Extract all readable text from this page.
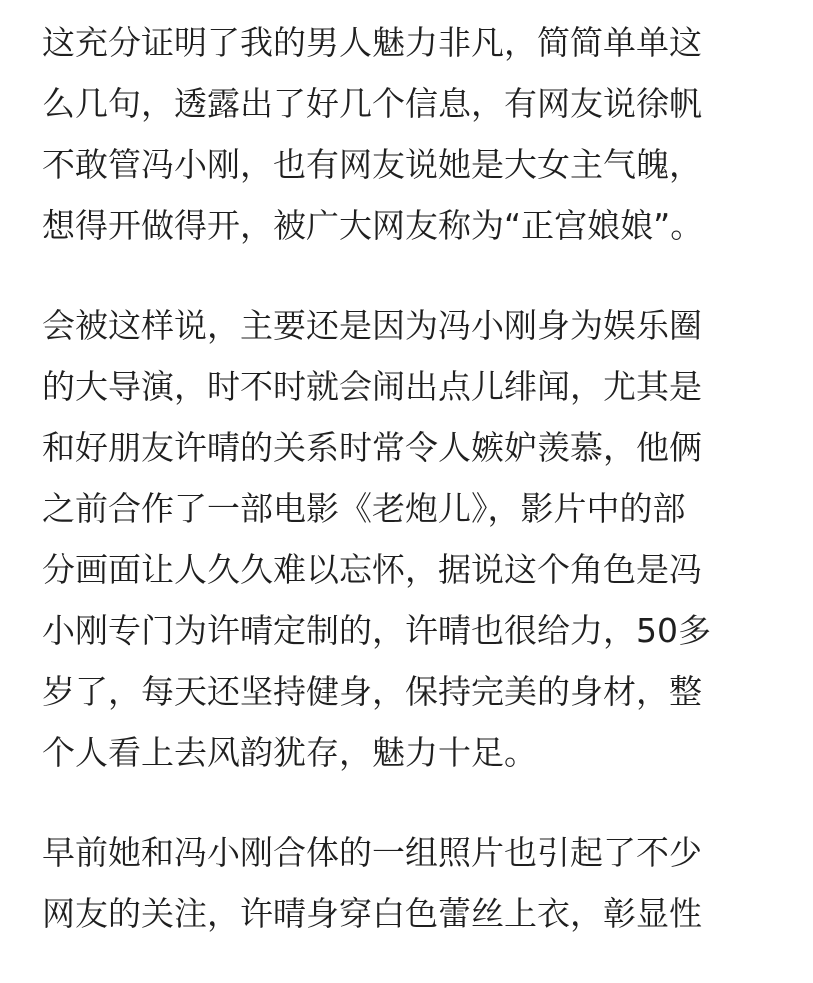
这充分证明了我的男人魅力非凡，简简单单这
么几句，透露出了好几个信息，有网友说徐帆
不敢管冯小刚，也有网友说她是大女主气魄，
想得开做得开，被广大网友称为“正宫娘娘”。

会被这样说，主要还是因为冯小刚身为娱乐圈
的大导演，时不时就会闹出点儿绯闻，尤其是
和好朋友许晴的关系时常令人嫉妒羡慕，他俩
之前合作了一部电影《老炮儿》，影片中的部
分画面让人久久难以忘怀，据说这个角色是冯
小刚专门为许晴定制的，许晴也很给力，50多
岁了，每天还坚持健身，保持完美的身材，整
个人看上去风韵犹存，魅力十足。

早前她和冯小刚合体的一组照片也引起了不少
网友的关注，许晴身穿白色蕾丝上衣，彰显性
